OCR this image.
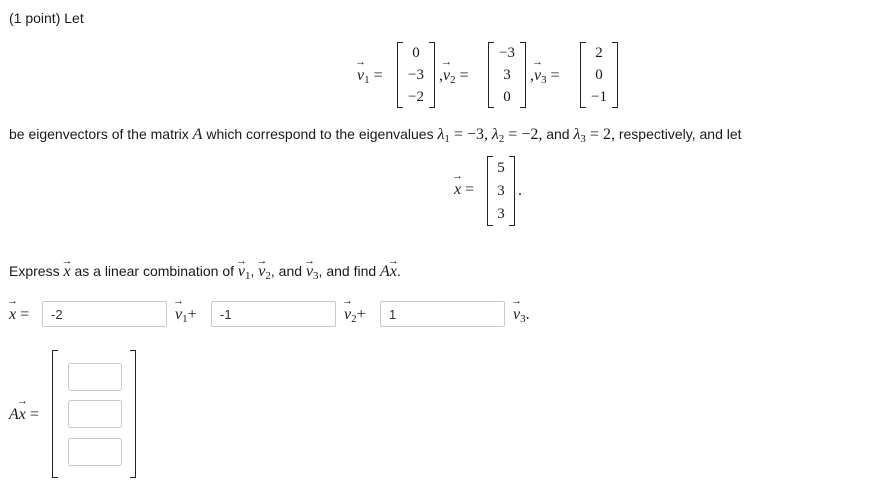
(1 point) Let
→ $v_1$ =
0
−3
−2
,→ $v_2$ =
−3
3
0
,→ $v_3$ =
2
0
−1
be eigenvectors of the matrix A which correspond to the eigenvalues $\lambda_1 = -3$, $\lambda_2 = -2$, and $\lambda_3 = 2$, respectively, and let
→ x =
5
3
3
.
Express → x as a linear combination of → $v_1$, → $v_2$, and → $v_3$, and find A→ x.
→ x =
-2	→ $v_1+$
-1	→ $v_2+$
1	→ $v_3$.
A→ x =
